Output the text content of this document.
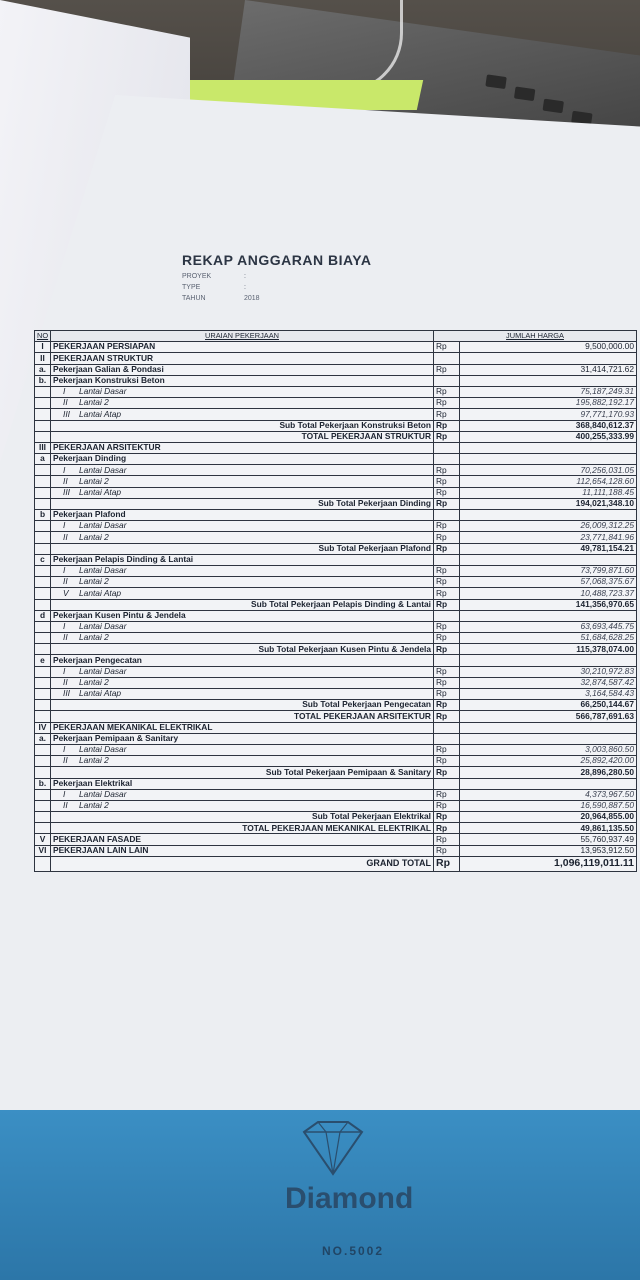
REKAP ANGGARAN BIAYA
PROYEK	:
TYPE	:
TAHUN	2018
NO	URAIAN PEKERJAAN	JUMLAH HARGA	
I	PEKERJAAN PERSIAPAN	Rp	9,500,000.00
II	PEKERJAAN STRUKTUR		
a.	Pekerjaan Galian & Pondasi	Rp	31,414,721.62
b.	Pekerjaan Konstruksi Beton		
	I Lantai Dasar	Rp	75,187,249.31
	II Lantai 2	Rp	195,882,192.17
	III Lantai Atap	Rp	97,771,170.93
	Sub Total Pekerjaan Konstruksi Beton	Rp	368,840,612.37
	TOTAL PEKERJAAN STRUKTUR	Rp	400,255,333.99
III	PEKERJAAN ARSITEKTUR		
a	Pekerjaan Dinding		
	I Lantai Dasar	Rp	70,256,031.05
	II Lantai 2	Rp	112,654,128.60
	III Lantai Atap	Rp	11,111,188.45
	Sub Total Pekerjaan Dinding	Rp	194,021,348.10
b	Pekerjaan Plafond		
	I Lantai Dasar	Rp	26,009,312.25
	II Lantai 2	Rp	23,771,841.96
	Sub Total Pekerjaan Plafond	Rp	49,781,154.21
c	Pekerjaan Pelapis Dinding & Lantai		
	I Lantai Dasar	Rp	73,799,871.60
	II Lantai 2	Rp	57,068,375.67
	V Lantai Atap	Rp	10,488,723.37
	Sub Total Pekerjaan Pelapis Dinding & Lantai	Rp	141,356,970.65
d	Pekerjaan Kusen Pintu & Jendela		
	I Lantai Dasar	Rp	63,693,445.75
	II Lantai 2	Rp	51,684,628.25
	Sub Total Pekerjaan Kusen Pintu & Jendela	Rp	115,378,074.00
e	Pekerjaan Pengecatan		
	I Lantai Dasar	Rp	30,210,972.83
	II Lantai 2	Rp	32,874,587.42
	III Lantai Atap	Rp	3,164,584.43
	Sub Total Pekerjaan Pengecatan	Rp	66,250,144.67
	TOTAL PEKERJAAN ARSITEKTUR	Rp	566,787,691.63
IV	PEKERJAAN MEKANIKAL ELEKTRIKAL		
a.	Pekerjaan Pemipaan & Sanitary		
	I Lantai Dasar	Rp	3,003,860.50
	II Lantai 2	Rp	25,892,420.00
	Sub Total Pekerjaan Pemipaan & Sanitary	Rp	28,896,280.50
b.	Pekerjaan Elektrikal		
	I Lantai Dasar	Rp	4,373,967.50
	II Lantai 2	Rp	16,590,887.50
	Sub Total Pekerjaan Elektrikal	Rp	20,964,855.00
	TOTAL PEKERJAAN MEKANIKAL ELEKTRIKAL	Rp	49,861,135.50
V	PEKERJAAN FASADE	Rp	55,760,937.49
VI	PEKERJAAN LAIN LAIN	Rp	13,953,912.50
	GRAND TOTAL	Rp	1,096,119,011.11
Diamond
NO.5002
